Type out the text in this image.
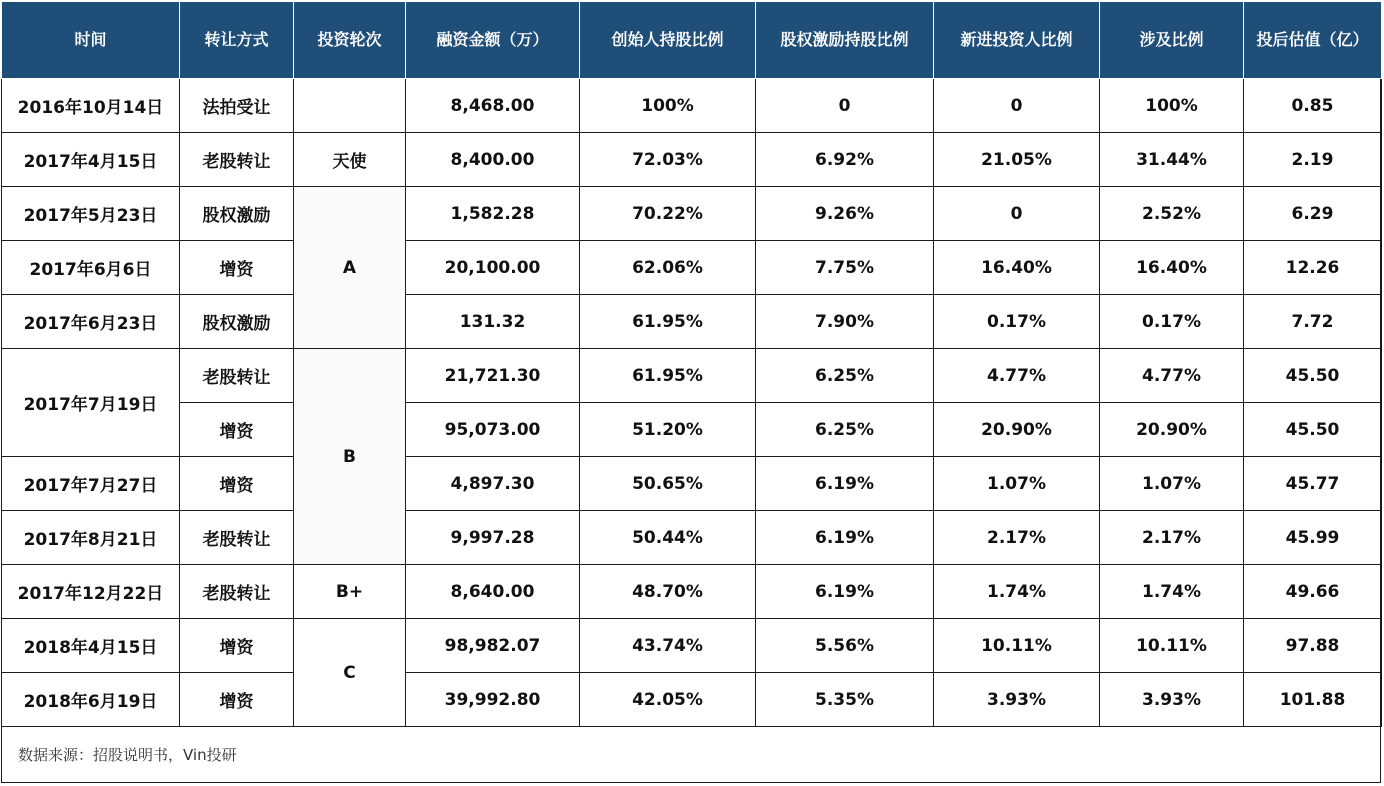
时间	转让方式	投资轮次	融资金额（万）	创始人持股比例	股权激励持股比例	新进投资人比例	涉及比例	投后估值（亿）
2016年10月14日	法拍受让		8,468.00	100%	0	0	100%	0.85
2017年4月15日	老股转让	天使	8,400.00	72.03%	6.92%	21.05%	31.44%	2.19
2017年5月23日	股权激励	A	1,582.28	70.22%	9.26%	0	2.52%	6.29
2017年6月6日	增资		20,100.00	62.06%	7.75%	16.40%	16.40%	12.26
2017年6月23日	股权激励		131.32	61.95%	7.90%	0.17%	0.17%	7.72
2017年7月19日	老股转让	B	21,721.30	61.95%	6.25%	4.77%	4.77%	45.50
	增资		95,073.00	51.20%	6.25%	20.90%	20.90%	45.50
2017年7月27日	增资		4,897.30	50.65%	6.19%	1.07%	1.07%	45.77
2017年8月21日	老股转让		9,997.28	50.44%	6.19%	2.17%	2.17%	45.99
2017年12月22日	老股转让	B+	8,640.00	48.70%	6.19%	1.74%	1.74%	49.66
2018年4月15日	增资	C	98,982.07	43.74%	5.56%	10.11%	10.11%	97.88
2018年6月19日	增资		39,992.80	42.05%	5.35%	3.93%	3.93%	101.88
数据来源：招股说明书，Vin投研
